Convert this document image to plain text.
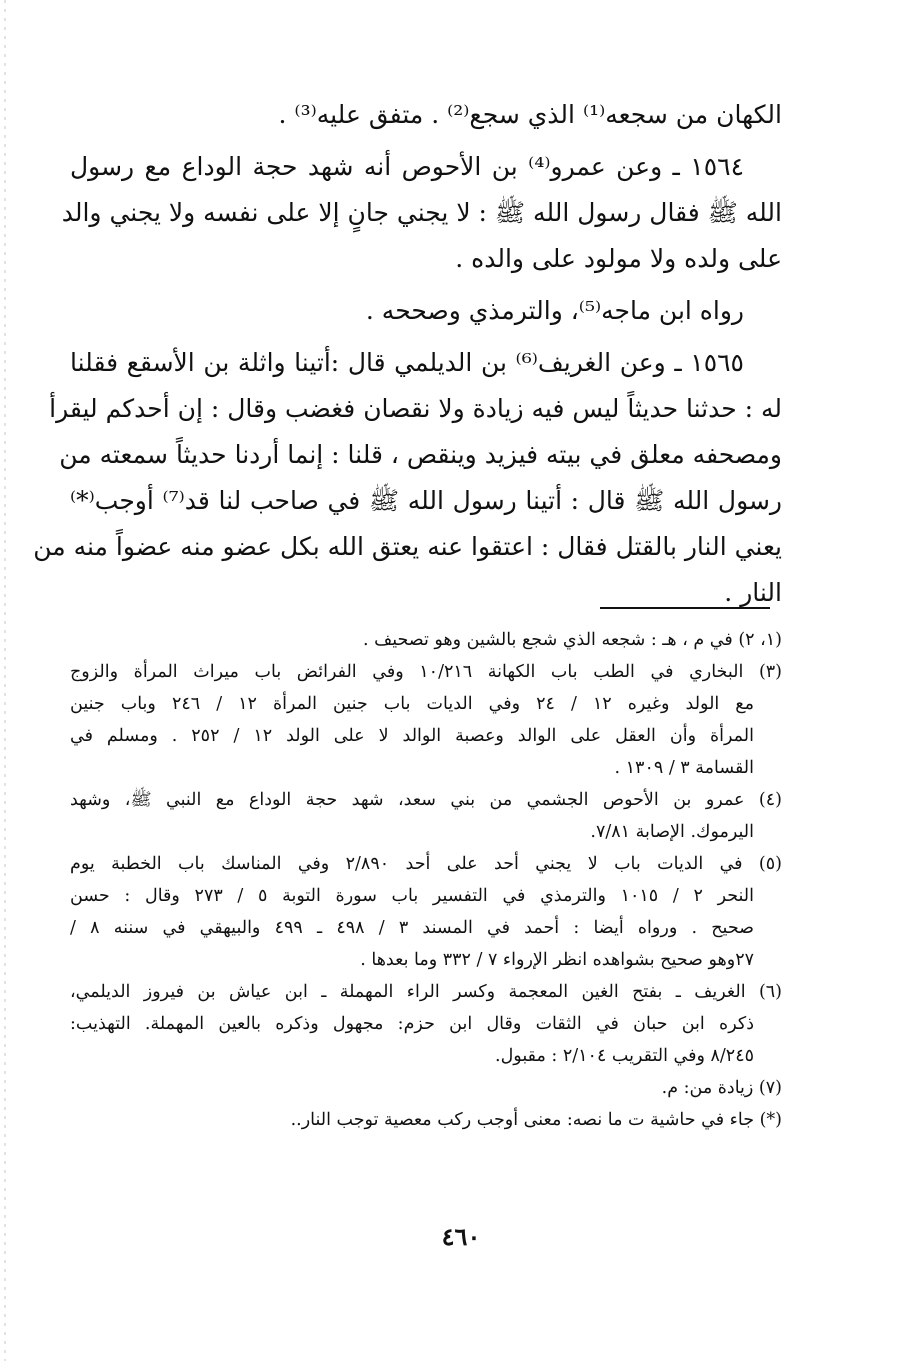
الكهان من سجعه⁽¹⁾ الذي سجع⁽²⁾ . متفق عليه⁽³⁾ .
١٥٦٤ ـ وعن عمرو⁽⁴⁾ بن الأحوص أنه شهد حجة الوداع مع رسول
الله ﷺ فقال رسول الله ﷺ : لا يجني جانٍ إلا على نفسه ولا يجني والد
على ولده ولا مولود على والده .
رواه ابن ماجه⁽⁵⁾، والترمذي وصححه .
١٥٦٥ ـ وعن الغريف⁽⁶⁾ بن الديلمي قال :أتينا واثلة بن الأسقع فقلنا
له : حدثنا حديثاً ليس فيه زيادة ولا نقصان فغضب وقال : إن أحدكم ليقرأ
ومصحفه معلق في بيته فيزيد وينقص ، قلنا : إنما أردنا حديثاً سمعته من
رسول الله ﷺ قال : أتينا رسول الله ﷺ في صاحب لنا قد⁽⁷⁾ أوجب⁽*⁾
يعني النار بالقتل فقال : اعتقوا عنه يعتق الله بكل عضو منه عضواً منه من
النار .
(١، ٢) في م ، هـ : شجعه الذي شجع بالشين وهو تصحيف .
(٣) البخاري في الطب باب الكهانة ١٠/٢١٦ وفي الفرائض باب ميراث المرأة والزوج
مع الولد وغيره ١٢ / ٢٤ وفي الديات باب جنين المرأة ١٢ / ٢٤٦ وباب جنين
المرأة وأن العقل على الوالد وعصبة الوالد لا على الولد ١٢ / ٢٥٢ . ومسلم في
القسامة ٣ / ١٣٠٩ .
(٤) عمرو بن الأحوص الجشمي من بني سعد، شهد حجة الوداع مع النبي ﷺ، وشهد
اليرموك. الإصابة ٧/٨١.
(٥) في الديات باب لا يجني أحد على أحد ٢/٨٩٠ وفي المناسك باب الخطبة يوم
النحر ٢ / ١٠١٥ والترمذي في التفسير باب سورة التوبة ٥ / ٢٧٣ وقال : حسن
صحيح . ورواه أيضا : أحمد في المسند ٣ / ٤٩٨ ـ ٤٩٩ والبيهقي في سننه ٨ /
٢٧وهو صحيح بشواهده انظر الإرواء ٧ / ٣٣٢ وما بعدها .
(٦) الغريف ـ بفتح الغين المعجمة وكسر الراء المهملة ـ ابن عياش بن فيروز الديلمي،
ذكره ابن حبان في الثقات وقال ابن حزم: مجهول وذكره بالعين المهملة. التهذيب:
٨/٢٤٥ وفي التقريب ٢/١٠٤ : مقبول.
(٧) زيادة من: م.
(*) جاء في حاشية ت ما نصه: معنى أوجب ركب معصية توجب النار..
٤٦٠
